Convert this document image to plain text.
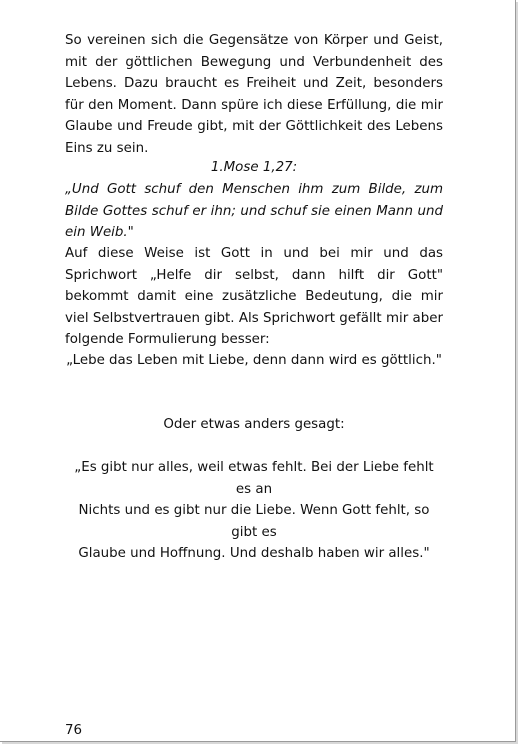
So vereinen sich die Gegensätze von Körper und Geist, mit der göttlichen Bewegung und Verbundenheit des Lebens. Dazu braucht es Freiheit und Zeit, besonders für den Moment. Dann spüre ich diese Erfüllung, die mir Glaube und Freude gibt, mit der Göttlichkeit des Lebens Eins zu sein.

1.Mose 1,27:

„Und Gott schuf den Menschen ihm zum Bilde, zum Bilde Gottes schuf er ihn; und schuf sie einen Mann und ein Weib."

Auf diese Weise ist Gott in und bei mir und das Sprichwort „Helfe dir selbst, dann hilft dir Gott" bekommt damit eine zusätzliche Bedeutung, die mir viel Selbstvertrauen gibt. Als Sprichwort gefällt mir aber folgende Formulierung besser:

„Lebe das Leben mit Liebe, denn dann wird es göttlich."

Oder etwas anders gesagt:

„Es gibt nur alles, weil etwas fehlt. Bei der Liebe fehlt es an
Nichts und es gibt nur die Liebe. Wenn Gott fehlt, so gibt es
Glaube und Hoffnung. Und deshalb haben wir alles."
76
